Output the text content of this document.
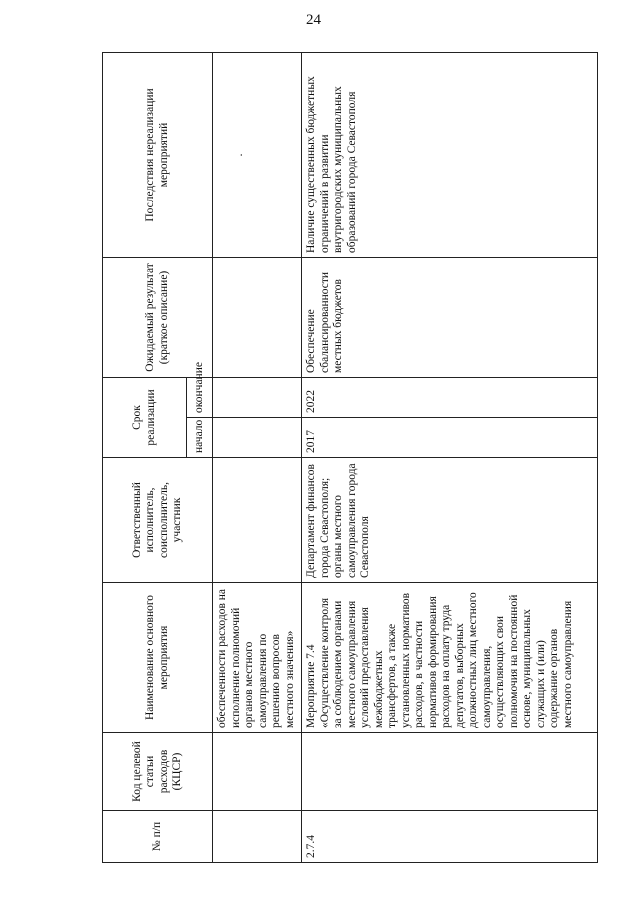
24
№ п/п	Код целевой статьи расходов (КЦСР)	Наименование основного мероприятия	Ответственный исполнитель, соисполнитель, участник	Срок реализации		Ожидаемый результат (краткое описание)	Последствия нереализации мероприятий
				начало	окончание		
		обеспеченности расходов на исполнение полномочий органов местного самоуправления по решению вопросов местного значения»					·

2.7.4		Мероприятие 7.4 «Осуществление контроля за соблюдением органами местного самоуправления условий предоставления межбюджетных трансфертов, а также установленных нормативов расходов, в частности нормативов формирования расходов на оплату труда депутатов, выборных должностных лиц местного самоуправления, осуществляющих свои полномочия на постоянной основе, муниципальных служащих и (или) содержание органов местного самоуправления	Департамент финансов города Севастополя; органы местного самоуправления города Севастополя	2017	2022	Обеспечение сбалансированности местных бюджетов	Наличие существенных бюджетных ограничений в развитии внутригородских муниципальных образований города Севастополя
